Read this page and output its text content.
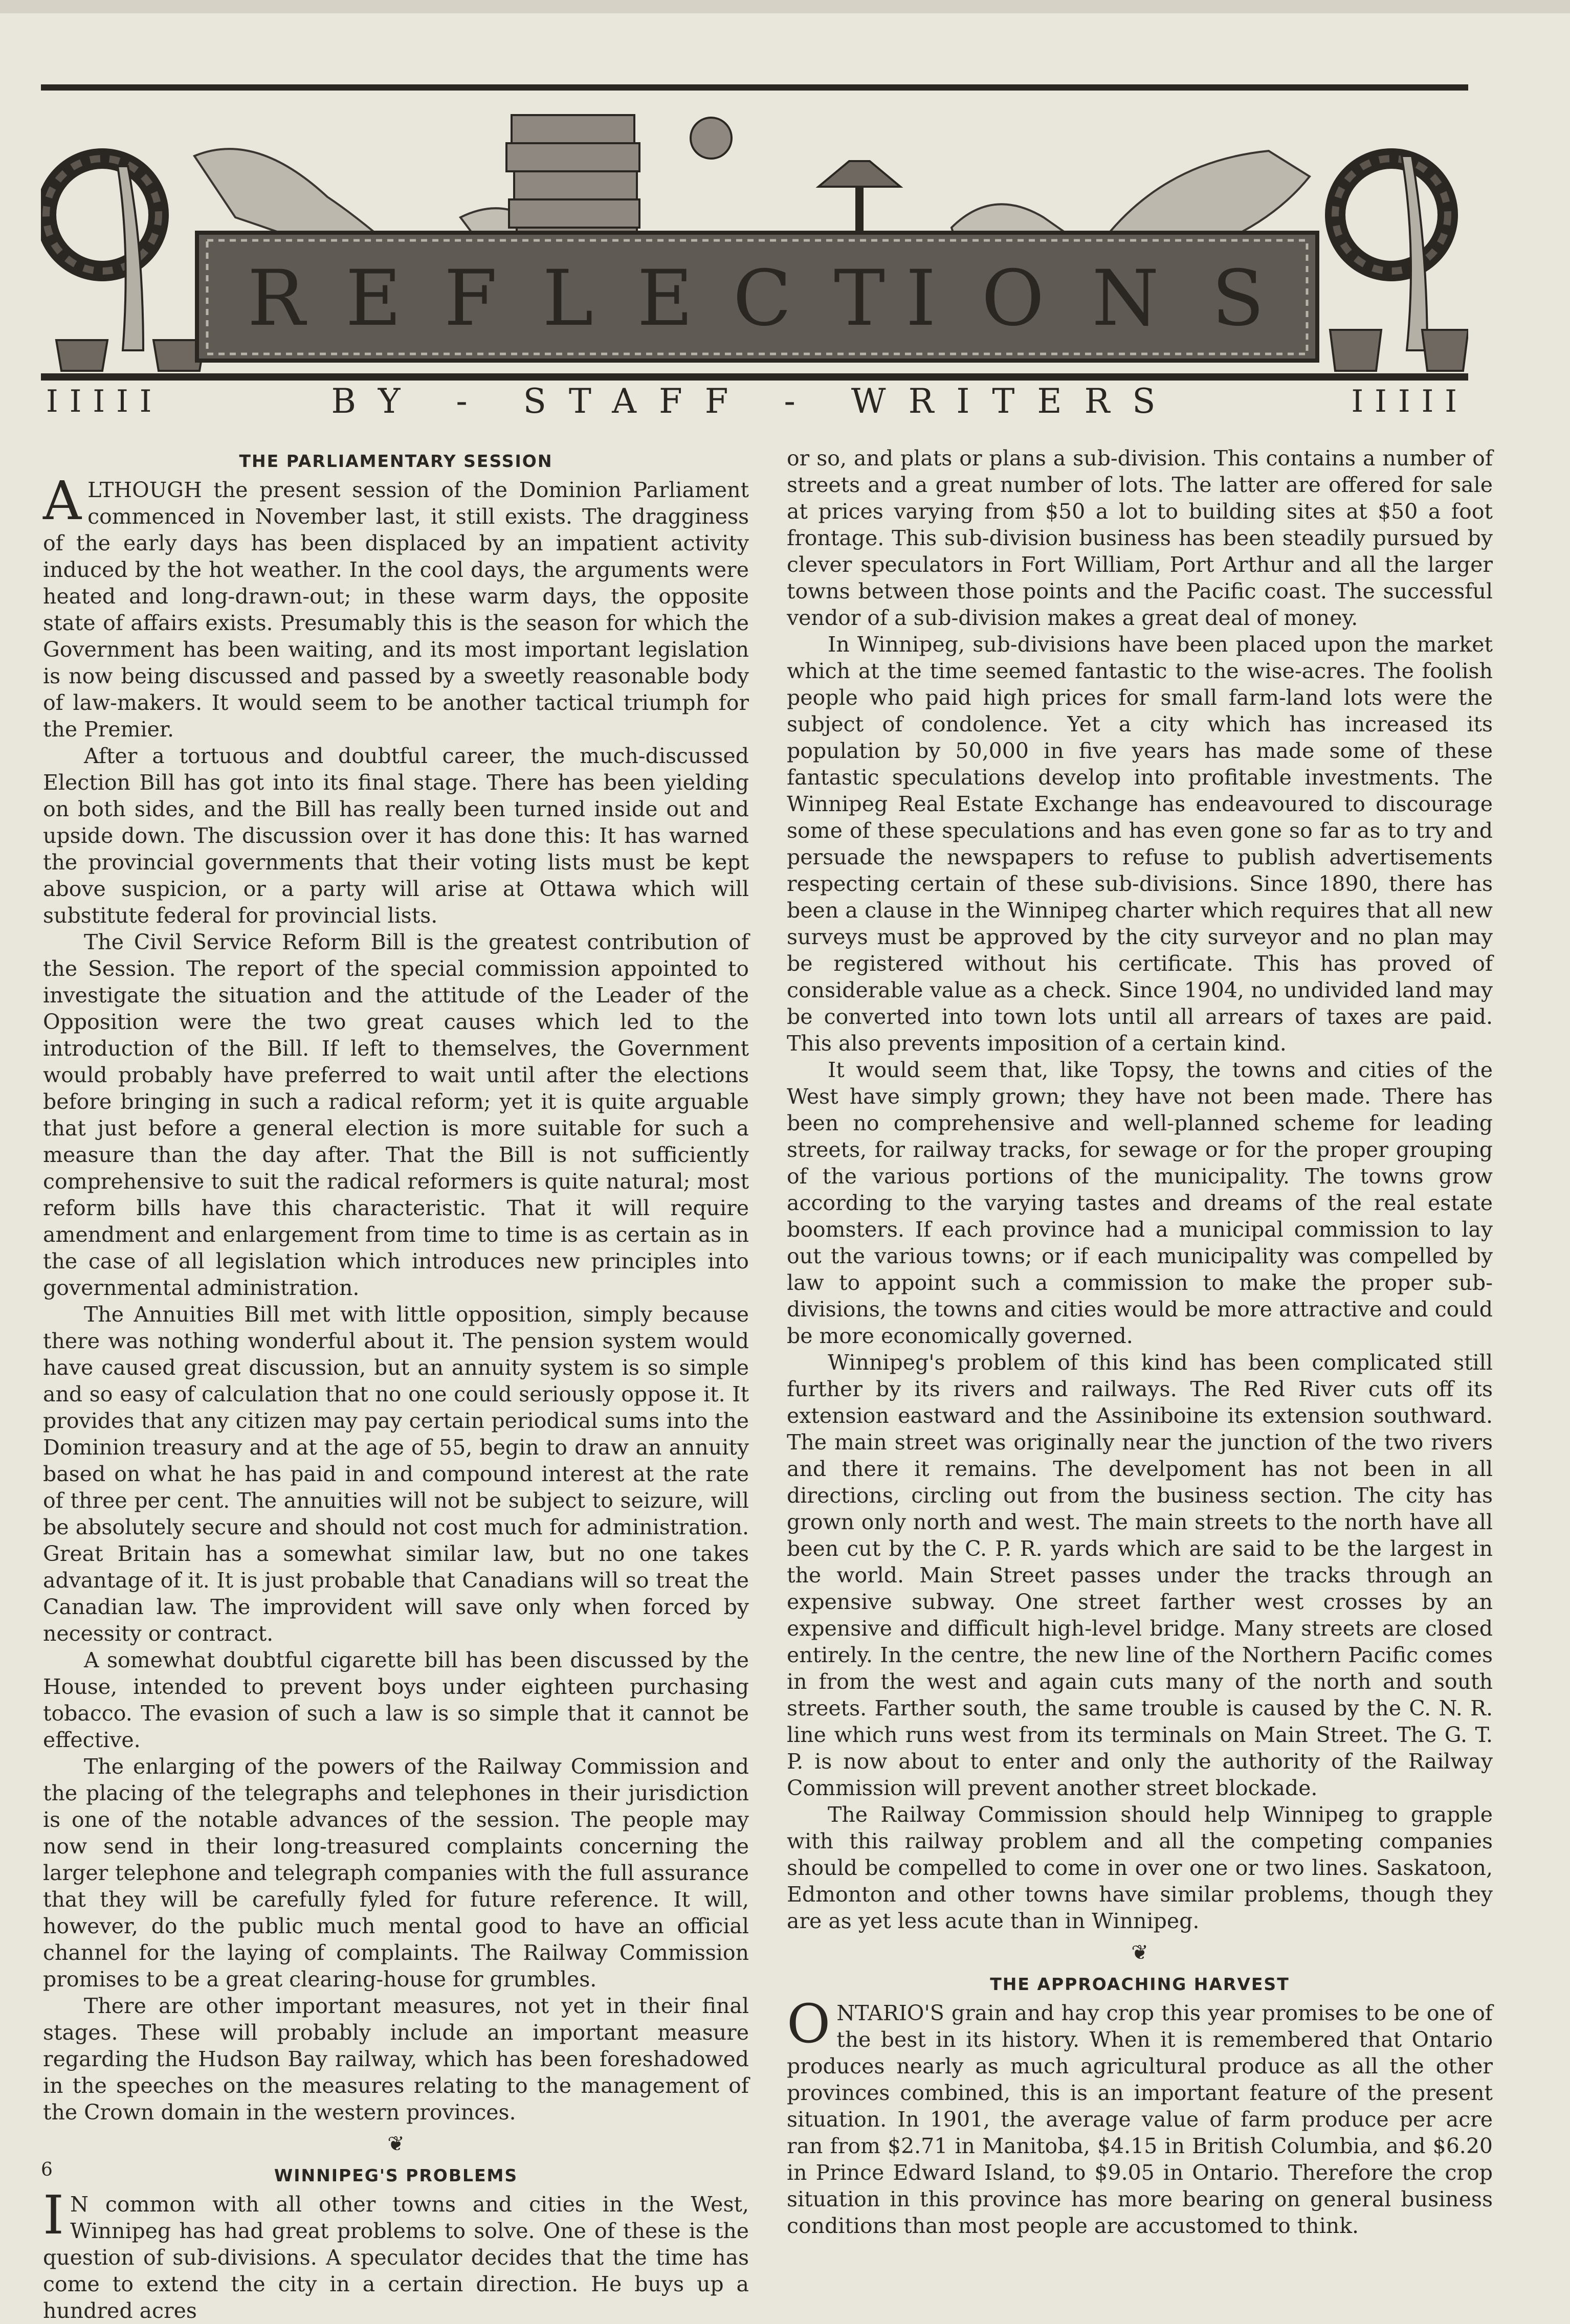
R E F L E C T I O N S
IIIII	BY - STAFF - WRITERS	IIIII
THE PARLIAMENTARY SESSION

ALTHOUGH the present session of the Dominion Parliament commenced in November last, it still exists. The dragginess of the early days has been displaced by an impatient activity induced by the hot weather. In the cool days, the arguments were heated and long-drawn-out; in these warm days, the opposite state of affairs exists. Presumably this is the season for which the Government has been waiting, and its most important legislation is now being discussed and passed by a sweetly reasonable body of law-makers. It would seem to be another tactical triumph for the Premier.

After a tortuous and doubtful career, the much-discussed Election Bill has got into its final stage. There has been yielding on both sides, and the Bill has really been turned inside out and upside down. The discussion over it has done this: It has warned the provincial governments that their voting lists must be kept above suspicion, or a party will arise at Ottawa which will substitute federal for provincial lists.

The Civil Service Reform Bill is the greatest contribution of the Session. The report of the special commission appointed to investigate the situation and the attitude of the Leader of the Opposition were the two great causes which led to the introduction of the Bill. If left to themselves, the Government would probably have preferred to wait until after the elections before bringing in such a radical reform; yet it is quite arguable that just before a general election is more suitable for such a measure than the day after. That the Bill is not sufficiently comprehensive to suit the radical reformers is quite natural; most reform bills have this characteristic. That it will require amendment and enlargement from time to time is as certain as in the case of all legislation which introduces new principles into governmental administration.

The Annuities Bill met with little opposition, simply because there was nothing wonderful about it. The pension system would have caused great discussion, but an annuity system is so simple and so easy of calculation that no one could seriously oppose it. It provides that any citizen may pay certain periodical sums into the Dominion treasury and at the age of 55, begin to draw an annuity based on what he has paid in and compound interest at the rate of three per cent. The annuities will not be subject to seizure, will be absolutely secure and should not cost much for administration. Great Britain has a somewhat similar law, but no one takes advantage of it. It is just probable that Canadians will so treat the Canadian law. The improvident will save only when forced by necessity or contract.

A somewhat doubtful cigarette bill has been discussed by the House, intended to prevent boys under eighteen purchasing tobacco. The evasion of such a law is so simple that it cannot be effective.

The enlarging of the powers of the Railway Commission and the placing of the telegraphs and telephones in their jurisdiction is one of the notable advances of the session. The people may now send in their long-treasured complaints concerning the larger telephone and telegraph companies with the full assurance that they will be carefully fyled for future reference. It will, however, do the public much mental good to have an official channel for the laying of complaints. The Railway Commission promises to be a great clearing-house for grumbles.

There are other important measures, not yet in their final stages. These will probably include an important measure regarding the Hudson Bay railway, which has been foreshadowed in the speeches on the measures relating to the management of the Crown domain in the western provinces.

❦
WINNIPEG'S PROBLEMS

I N common with all other towns and cities in the West, Winnipeg has had great problems to solve. One of these is the question of sub-divisions. A speculator decides that the time has come to extend the city in a certain direction. He buys up a hundred acres

or so, and plats or plans a sub-division. This contains a number of streets and a great number of lots. The latter are offered for sale at prices varying from $50 a lot to building sites at $50 a foot frontage. This sub-division business has been steadily pursued by clever speculators in Fort William, Port Arthur and all the larger towns between those points and the Pacific coast. The successful vendor of a sub-division makes a great deal of money.

In Winnipeg, sub-divisions have been placed upon the market which at the time seemed fantastic to the wise-acres. The foolish people who paid high prices for small farm-land lots were the subject of condolence. Yet a city which has increased its population by 50,000 in five years has made some of these fantastic speculations develop into profitable investments. The Winnipeg Real Estate Exchange has endeavoured to discourage some of these speculations and has even gone so far as to try and persuade the newspapers to refuse to publish advertisements respecting certain of these sub-divisions. Since 1890, there has been a clause in the Winnipeg charter which requires that all new surveys must be approved by the city surveyor and no plan may be registered without his certificate. This has proved of considerable value as a check. Since 1904, no undivided land may be converted into town lots until all arrears of taxes are paid. This also prevents imposition of a certain kind.

It would seem that, like Topsy, the towns and cities of the West have simply grown; they have not been made. There has been no comprehensive and well-planned scheme for leading streets, for railway tracks, for sewage or for the proper grouping of the various portions of the municipality. The towns grow according to the varying tastes and dreams of the real estate boomsters. If each province had a municipal commission to lay out the various towns; or if each municipality was compelled by law to appoint such a commission to make the proper sub-divisions, the towns and cities would be more attractive and could be more economically governed.

Winnipeg's problem of this kind has been complicated still further by its rivers and railways. The Red River cuts off its extension eastward and the Assiniboine its extension southward. The main street was originally near the junction of the two rivers and there it remains. The develpoment has not been in all directions, circling out from the business section. The city has grown only north and west. The main streets to the north have all been cut by the C. P. R. yards which are said to be the largest in the world. Main Street passes under the tracks through an expensive subway. One street farther west crosses by an expensive and difficult high-level bridge. Many streets are closed entirely. In the centre, the new line of the Northern Pacific comes in from the west and again cuts many of the north and south streets. Farther south, the same trouble is caused by the C. N. R. line which runs west from its terminals on Main Street. The G. T. P. is now about to enter and only the authority of the Railway Commission will prevent another street blockade.

The Railway Commission should help Winnipeg to grapple with this railway problem and all the competing companies should be compelled to come in over one or two lines. Saskatoon, Edmonton and other towns have similar problems, though they are as yet less acute than in Winnipeg.

❦
THE APPROACHING HARVEST

ONTARIO'S grain and hay crop this year promises to be one of the best in its history. When it is remembered that Ontario produces nearly as much agricultural produce as all the other provinces combined, this is an important feature of the present situation. In 1901, the average value of farm produce per acre ran from $2.71 in Manitoba, $4.15 in British Columbia, and $6.20 in Prince Edward Island, to $9.05 in Ontario. Therefore the crop situation in this province has more bearing on general business conditions than most people are accustomed to think.

6
